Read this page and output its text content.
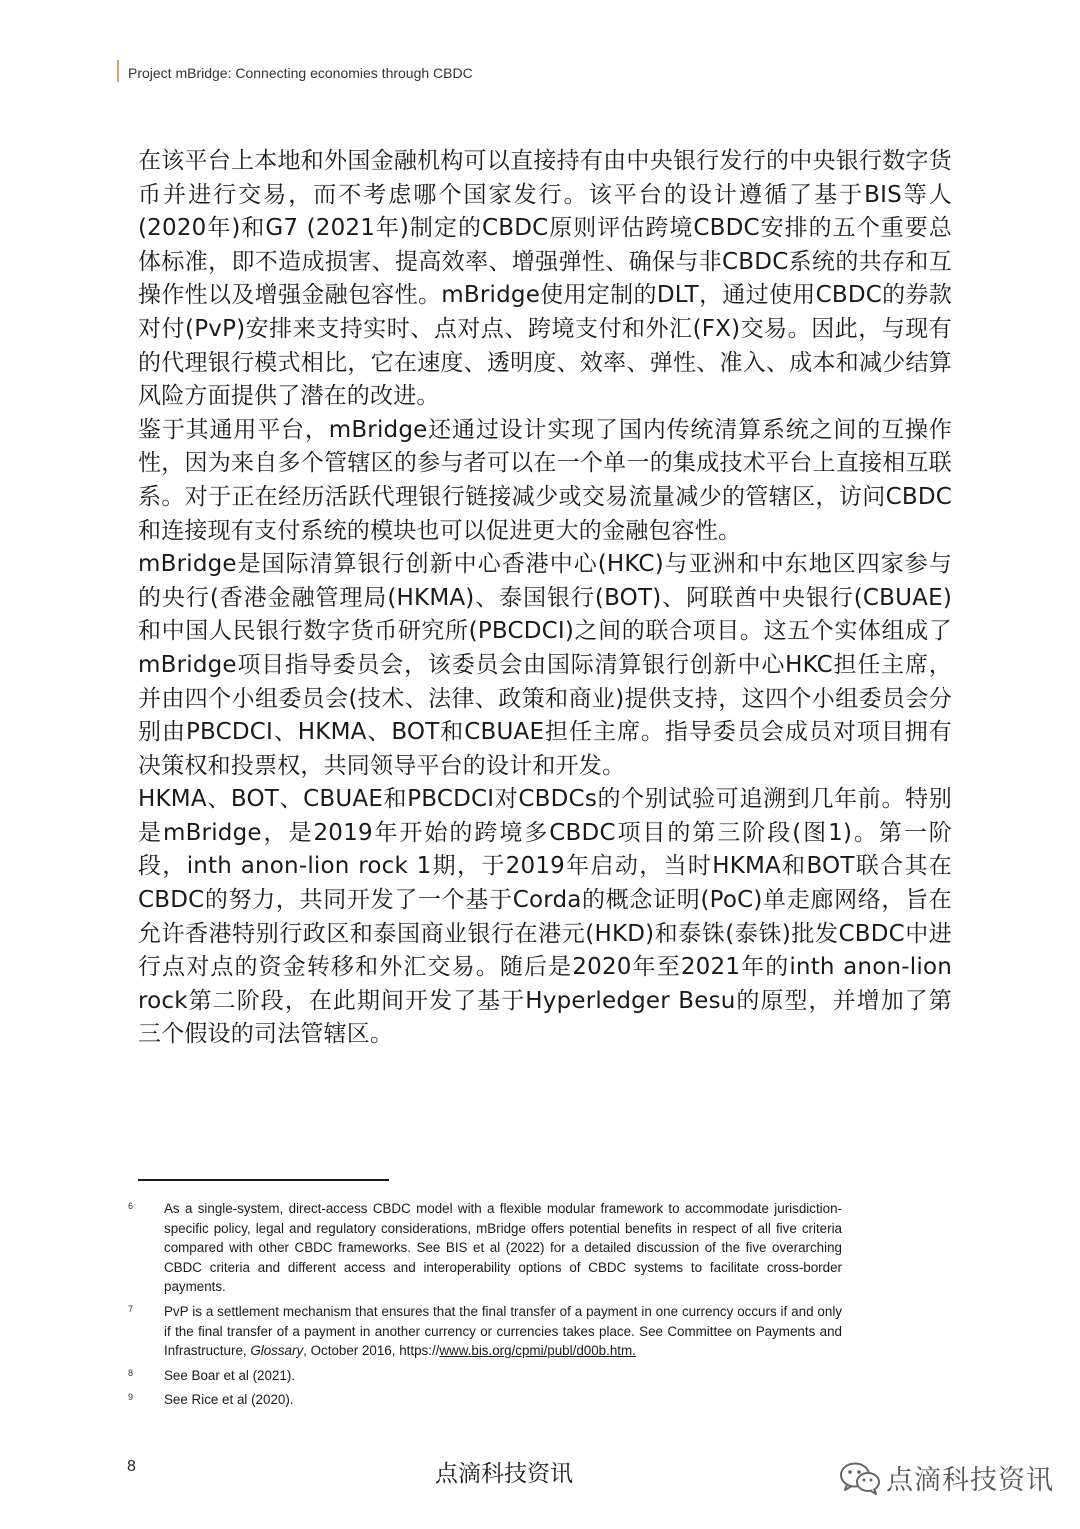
Project mBridge: Connecting economies through CBDC

在该平台上本地和外国金融机构可以直接持有由中央银行发行的中央银行数字货币并进行交易，而不考虑哪个国家发行。该平台的设计遵循了基于BIS等人(2020年)和G7 (2021年)制定的CBDC原则评估跨境CBDC安排的五个重要总体标准，即不造成损害、提高效率、增强弹性、确保与非CBDC系统的共存和互操作性以及增强金融包容性。mBridge使用定制的DLT，通过使用CBDC的券款对付(PvP)安排来支持实时、点对点、跨境支付和外汇(FX)交易。因此，与现有的代理银行模式相比，它在速度、透明度、效率、弹性、准入、成本和减少结算风险方面提供了潜在的改进。

鉴于其通用平台，mBridge还通过设计实现了国内传统清算系统之间的互操作性，因为来自多个管辖区的参与者可以在一个单一的集成技术平台上直接相互联系。对于正在经历活跃代理银行链接减少或交易流量减少的管辖区，访问CBDC和连接现有支付系统的模块也可以促进更大的金融包容性。

mBridge是国际清算银行创新中心香港中心(HKC)与亚洲和中东地区四家参与的央行(香港金融管理局(HKMA)、泰国银行(BOT)、阿联酋中央银行(CBUAE)和中国人民银行数字货币研究所(PBCDCI)之间的联合项目。这五个实体组成了mBridge项目指导委员会，该委员会由国际清算银行创新中心HKC担任主席，并由四个小组委员会(技术、法律、政策和商业)提供支持，这四个小组委员会分别由PBCDCI、HKMA、BOT和CBUAE担任主席。指导委员会成员对项目拥有决策权和投票权，共同领导平台的设计和开发。

HKMA、BOT、CBUAE和PBCDCI对CBDCs的个别试验可追溯到几年前。特别是mBridge，是2019年开始的跨境多CBDC项目的第三阶段(图1)。第一阶段，inth anon-lion rock 1期，于2019年启动，当时HKMA和BOT联合其在CBDC的努力，共同开发了一个基于Corda的概念证明(PoC)单走廊网络，旨在允许香港特别行政区和泰国商业银行在港元(HKD)和泰铢(泰铢)批发CBDC中进行点对点的资金转移和外汇交易。随后是2020年至2021年的inth anon-lion rock第二阶段，在此期间开发了基于Hyperledger Besu的原型，并增加了第三个假设的司法管辖区。

6	As a single-system, direct-access CBDC model with a flexible modular framework to accommodate jurisdiction-specific policy, legal and regulatory considerations, mBridge offers potential benefits in respect of all five criteria compared with other CBDC frameworks. See BIS et al (2022) for a detailed discussion of the five overarching CBDC criteria and different access and interoperability options of CBDC systems to facilitate cross-border payments.
7	PvP is a settlement mechanism that ensures that the final transfer of a payment in one currency occurs if and only if the final transfer of a payment in another currency or currencies takes place. See Committee on Payments and Infrastructure, Glossary, October 2016, https://www.bis.org/cpmi/publ/d00b.htm.
8	See Boar et al (2021).
9	See Rice et al (2020).
8	点滴科技资讯	点滴科技资讯
